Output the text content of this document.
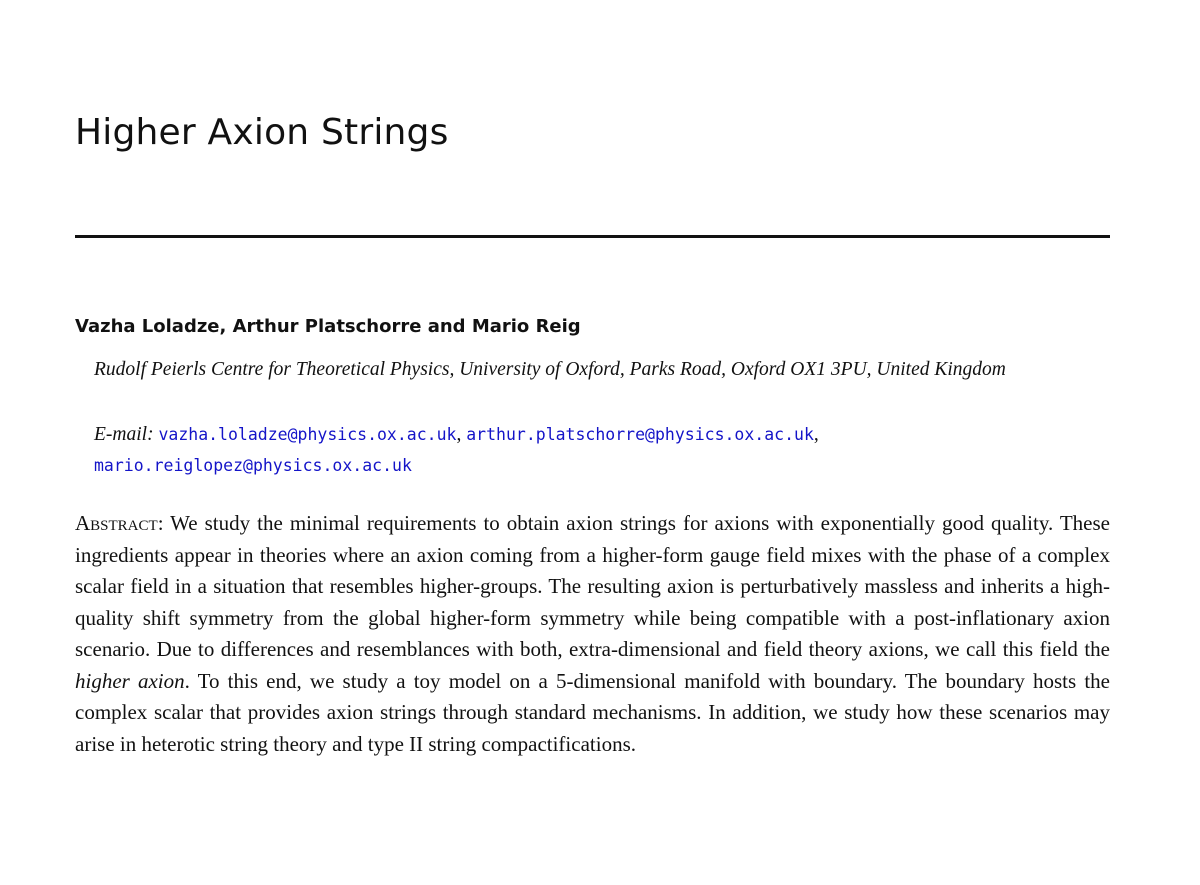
Higher Axion Strings
Vazha Loladze, Arthur Platschorre and Mario Reig
Rudolf Peierls Centre for Theoretical Physics, University of Oxford, Parks Road, Oxford OX1 3PU, United Kingdom
E-mail: vazha.loladze@physics.ox.ac.uk, arthur.platschorre@physics.ox.ac.uk,
mario.reiglopez@physics.ox.ac.uk
Abstract: We study the minimal requirements to obtain axion strings for axions with exponentially good quality. These ingredients appear in theories where an axion coming from a higher-form gauge field mixes with the phase of a complex scalar field in a situation that resembles higher-groups. The resulting axion is perturbatively massless and inherits a high-quality shift symmetry from the global higher-form symmetry while being compatible with a post-inflationary axion scenario. Due to differences and resemblances with both, extra-dimensional and field theory axions, we call this field the higher axion. To this end, we study a toy model on a 5-dimensional manifold with boundary. The boundary hosts the complex scalar that provides axion strings through standard mechanisms. In addition, we study how these scenarios may arise in heterotic string theory and type II string compactifications.
